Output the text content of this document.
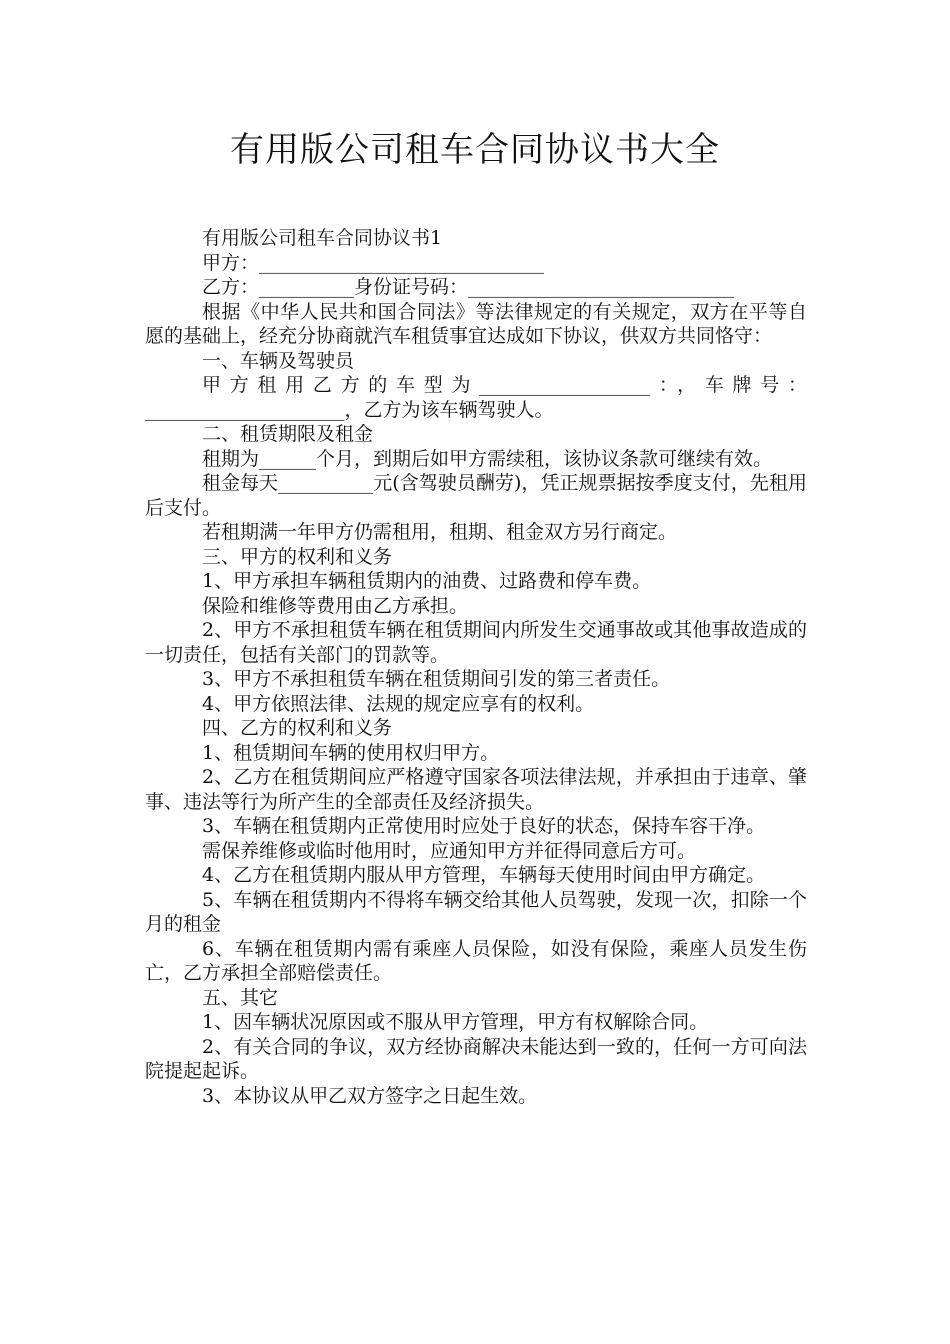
有用版公司租车合同协议书大全

有用版公司租车合同协议书1

甲方：______________________________

乙方：__________身份证号码：____________________________

根据《中华人民共和国合同法》等法律规定的有关规定，双方在平等自愿的基础上，经充分协商就汽车租赁事宜达成如下协议，供双方共同恪守：

一、车辆及驾驶员

甲方租用乙方的车型为__________________：，车牌号：_____________________，乙方为该车辆驾驶人。

二、租赁期限及租金

租期为______个月，到期后如甲方需续租，该协议条款可继续有效。

租金每天__________元(含驾驶员酬劳)，凭正规票据按季度支付，先租用后支付。

若租期满一年甲方仍需租用，租期、租金双方另行商定。

三、甲方的权利和义务

1、甲方承担车辆租赁期内的油费、过路费和停车费。

保险和维修等费用由乙方承担。

2、甲方不承担租赁车辆在租赁期间内所发生交通事故或其他事故造成的一切责任，包括有关部门的罚款等。

3、甲方不承担租赁车辆在租赁期间引发的第三者责任。

4、甲方依照法律、法规的规定应享有的权利。

四、乙方的权利和义务

1、租赁期间车辆的使用权归甲方。

2、乙方在租赁期间应严格遵守国家各项法律法规，并承担由于违章、肇事、违法等行为所产生的全部责任及经济损失。

3、车辆在租赁期内正常使用时应处于良好的状态，保持车容干净。

需保养维修或临时他用时，应通知甲方并征得同意后方可。

4、乙方在租赁期内服从甲方管理，车辆每天使用时间由甲方确定。

5、车辆在租赁期内不得将车辆交给其他人员驾驶，发现一次，扣除一个月的租金

6、车辆在租赁期内需有乘座人员保险，如没有保险，乘座人员发生伤亡，乙方承担全部赔偿责任。

五、其它

1、因车辆状况原因或不服从甲方管理，甲方有权解除合同。

2、有关合同的争议，双方经协商解决未能达到一致的，任何一方可向法院提起起诉。

3、本协议从甲乙双方签字之日起生效。
